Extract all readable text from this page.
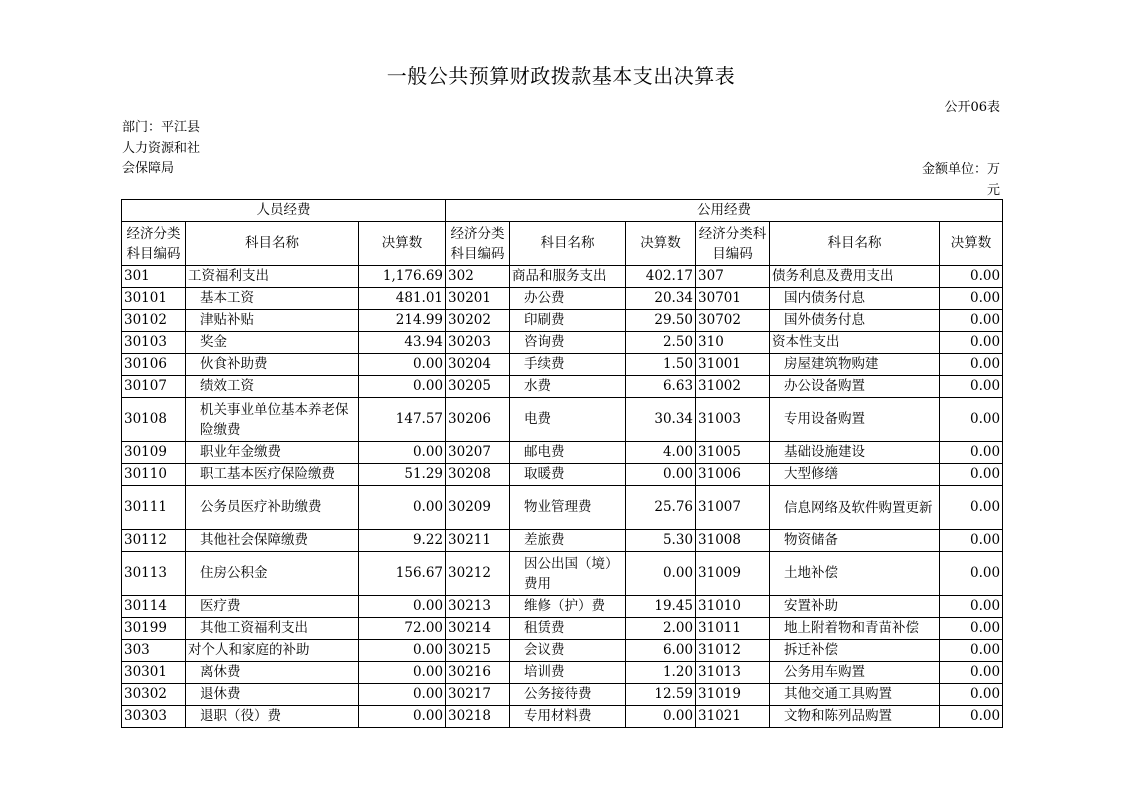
一般公共预算财政拨款基本支出决算表
公开06表
部门：平江县人力资源和社会保障局	金额单位：万元
人员经费			公用经费					
经济分类科目编码	科目名称	决算数	经济分类科目编码	科目名称	决算数	经济分类科目编码	科目名称	决算数
301	工资福利支出	1,176.69	302	商品和服务支出	402.17	307	债务利息及费用支出	0.00
30101	基本工资	481.01	30201	办公费	20.34	30701	国内债务付息	0.00
30102	津贴补贴	214.99	30202	印刷费	29.50	30702	国外债务付息	0.00
30103	奖金	43.94	30203	咨询费	2.50	310	资本性支出	0.00
30106	伙食补助费	0.00	30204	手续费	1.50	31001	房屋建筑物购建	0.00
30107	绩效工资	0.00	30205	水费	6.63	31002	办公设备购置	0.00
30108	机关事业单位基本养老保险缴费	147.57	30206	电费	30.34	31003	专用设备购置	0.00
30109	职业年金缴费	0.00	30207	邮电费	4.00	31005	基础设施建设	0.00
30110	职工基本医疗保险缴费	51.29	30208	取暖费	0.00	31006	大型修缮	0.00
30111	公务员医疗补助缴费	0.00	30209	物业管理费	25.76	31007	信息网络及软件购置更新	0.00
30112	其他社会保障缴费	9.22	30211	差旅费	5.30	31008	物资储备	0.00
30113	住房公积金	156.67	30212	因公出国（境）费用	0.00	31009	土地补偿	0.00
30114	医疗费	0.00	30213	维修（护）费	19.45	31010	安置补助	0.00
30199	其他工资福利支出	72.00	30214	租赁费	2.00	31011	地上附着物和青苗补偿	0.00
303	对个人和家庭的补助	0.00	30215	会议费	6.00	31012	拆迁补偿	0.00
30301	离休费	0.00	30216	培训费	1.20	31013	公务用车购置	0.00
30302	退休费	0.00	30217	公务接待费	12.59	31019	其他交通工具购置	0.00
30303	退职（役）费	0.00	30218	专用材料费	0.00	31021	文物和陈列品购置	0.00
